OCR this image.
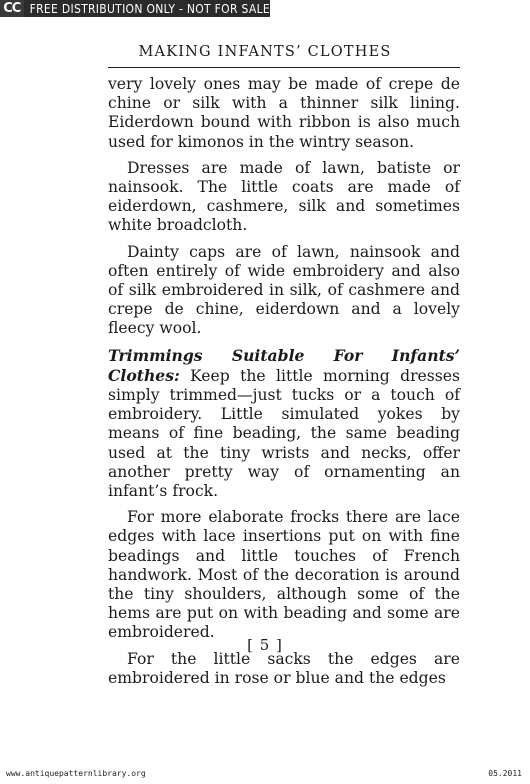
CC FREE DISTRIBUTION ONLY - NOT FOR SALE
MAKING INFANTS’ CLOTHES

very lovely ones may be made of crepe de chine or silk with a thinner silk lining. Eiderdown bound with ribbon is also much used for kimonos in the wintry season.

Dresses are made of lawn, batiste or nainsook. The little coats are made of eiderdown, cashmere, silk and sometimes white broadcloth.

Dainty caps are of lawn, nainsook and often entirely of wide embroidery and also of silk embroidered in silk, of cashmere and crepe de chine, eiderdown and a lovely fleecy wool.

Trimmings Suitable For Infants’ Clothes: Keep the little morning dresses simply trimmed—just tucks or a touch of embroidery. Little simulated yokes by means of fine beading, the same beading used at the tiny wrists and necks, offer another pretty way of ornamenting an infant’s frock.

For more elaborate frocks there are lace edges with lace insertions put on with fine beadings and little touches of French handwork. Most of the decoration is around the tiny shoulders, although some of the hems are put on with beading and some are embroidered.

For the little sacks the edges are embroidered in rose or blue and the edges

[ 5 ]
www.antiquepatternlibrary.org	05.2011
